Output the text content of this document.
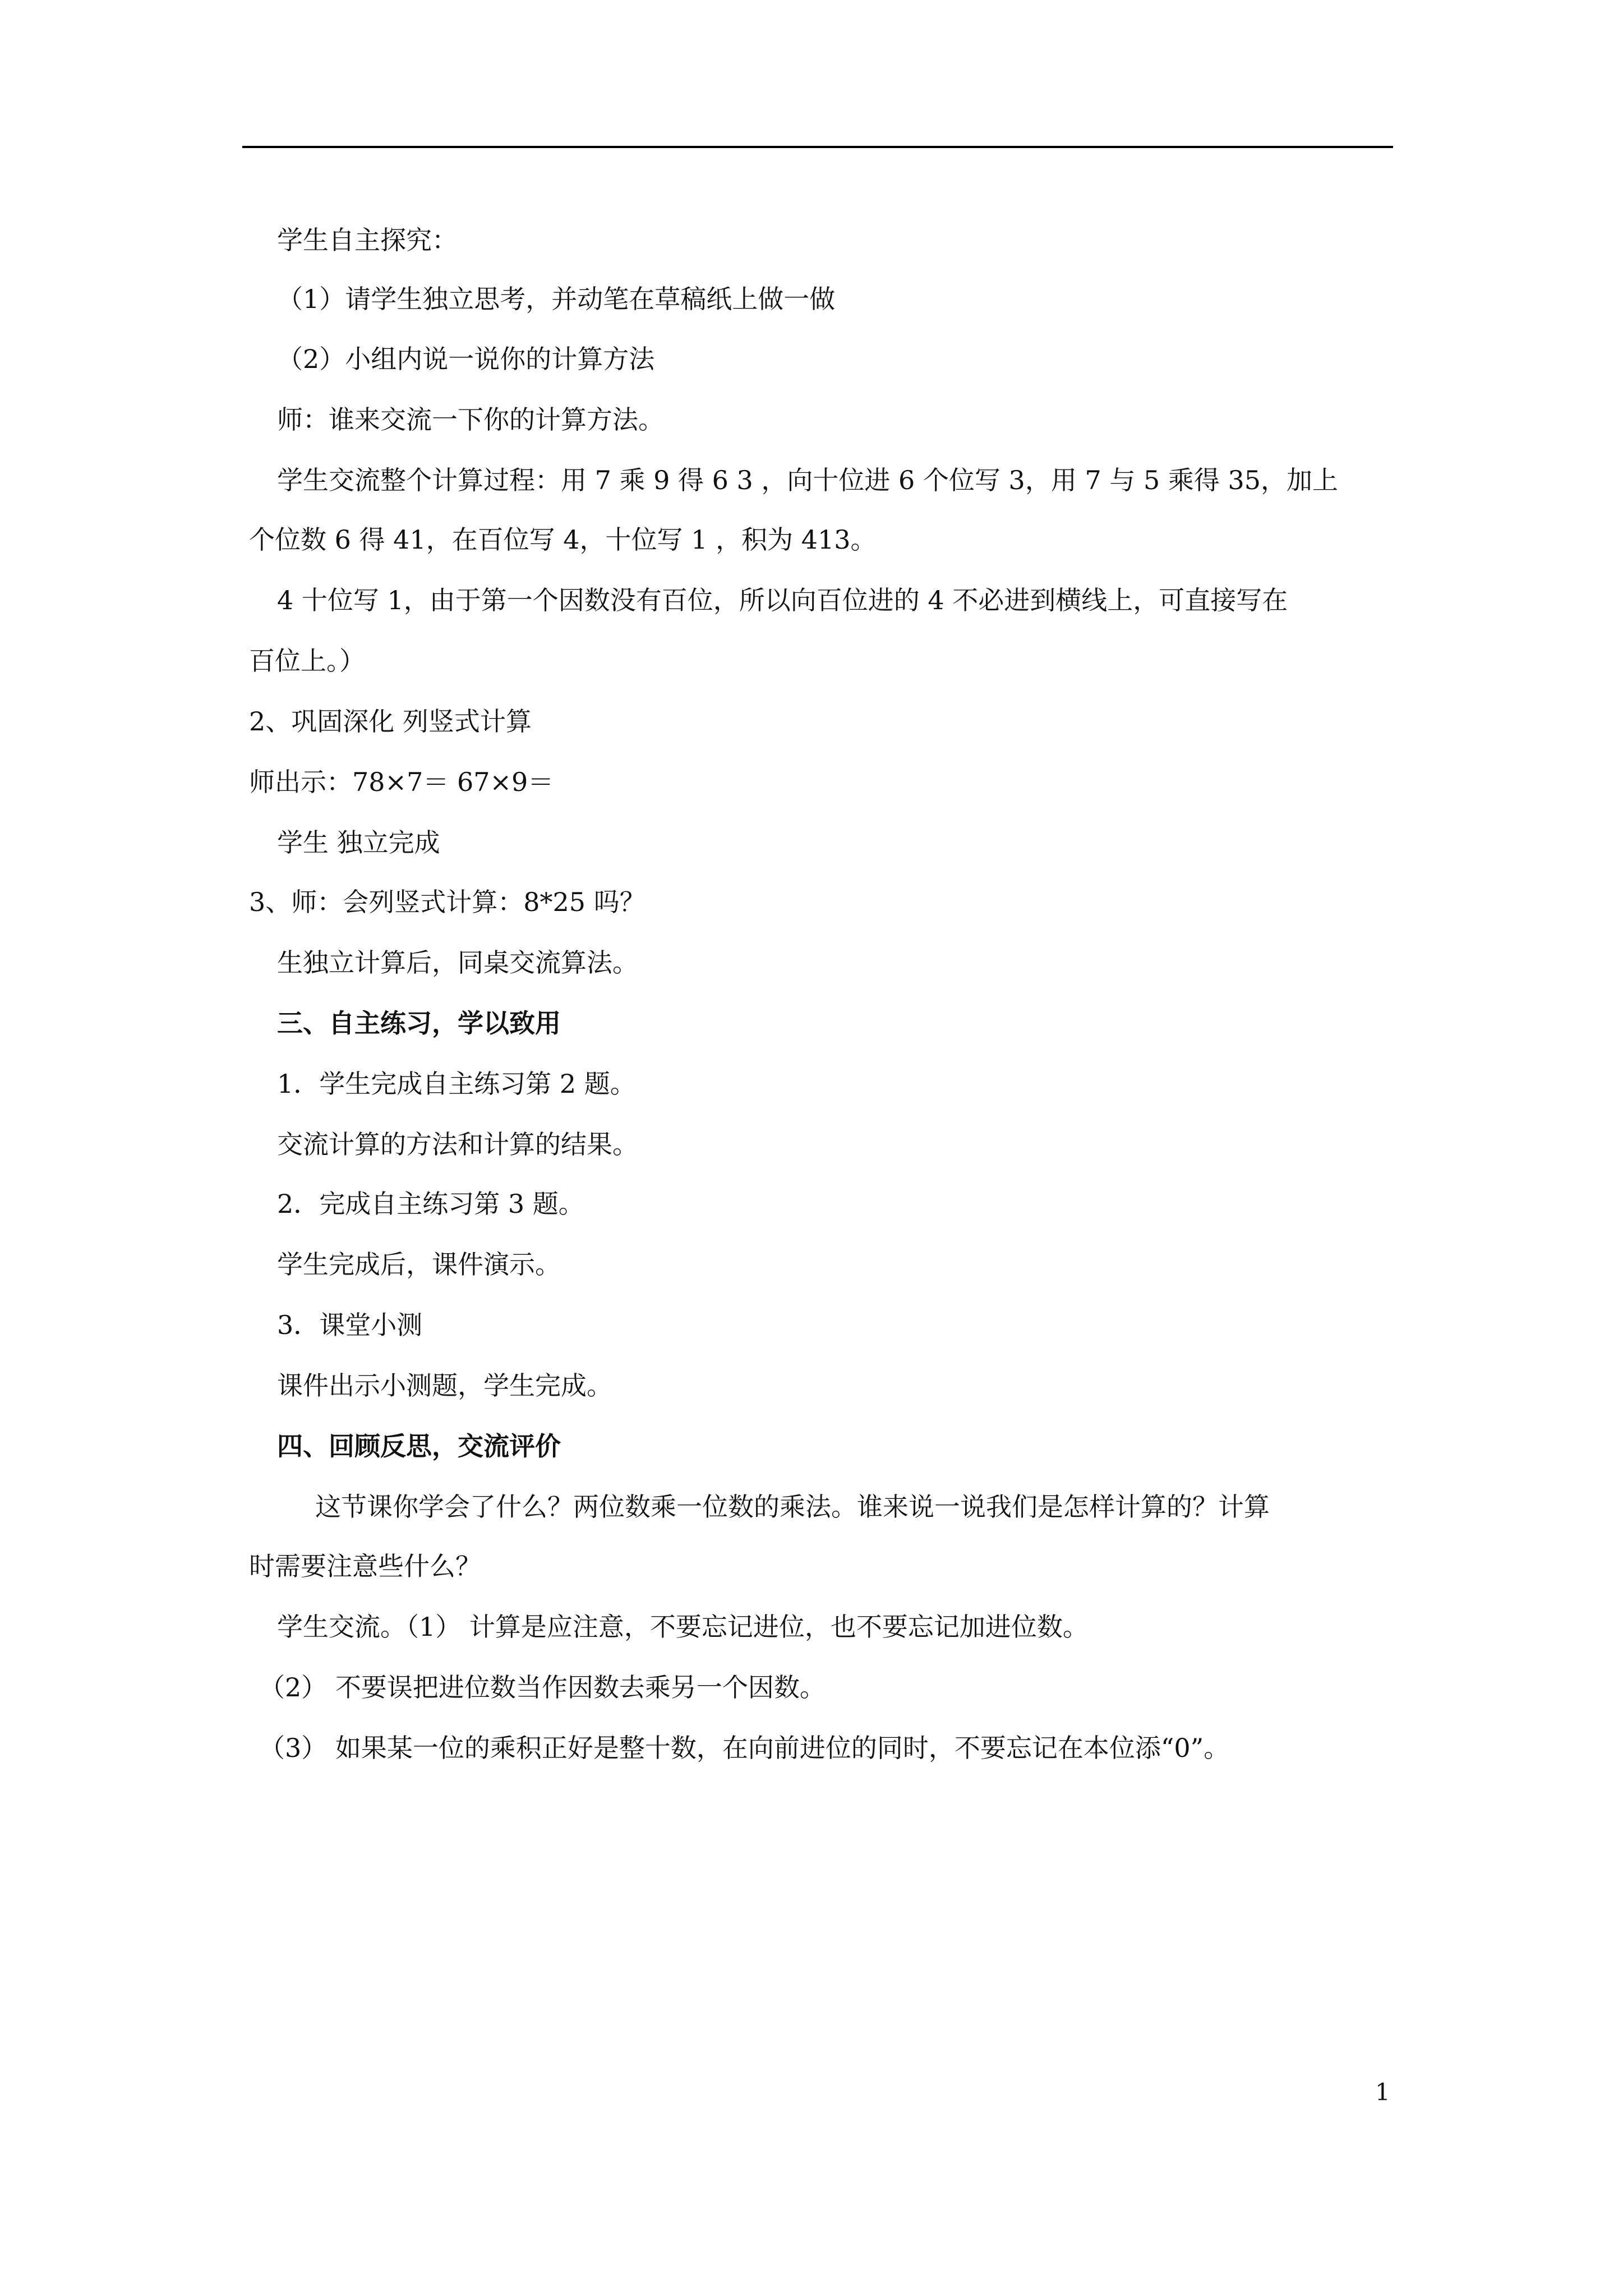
学生自主探究：
（1）请学生独立思考，并动笔在草稿纸上做一做
（2）小组内说一说你的计算方法
师：谁来交流一下你的计算方法。
学生交流整个计算过程：用 7 乘 9 得 6 3 ，向十位进 6 个位写 3，用 7 与 5 乘得 35，加上
个位数 6 得 41，在百位写 4，十位写 1 ，积为 413。
4 十位写 1，由于第一个因数没有百位，所以向百位进的 4 不必进到横线上，可直接写在
百位上。）
2、巩固深化 列竖式计算
师出示：78×7＝ 67×9＝
学生 独立完成
3、师：会列竖式计算：8*25 吗？
生独立计算后，同桌交流算法。
三、自主练习，学以致用
1．学生完成自主练习第 2 题。
交流计算的方法和计算的结果。
2．完成自主练习第 3 题。
学生完成后，课件演示。
3．课堂小测
课件出示小测题，学生完成。
四、回顾反思，交流评价
这节课你学会了什么？两位数乘一位数的乘法。谁来说一说我们是怎样计算的？计算
时需要注意些什么？
学生交流。（1） 计算是应注意，不要忘记进位，也不要忘记加进位数。
（2） 不要误把进位数当作因数去乘另一个因数。
（3） 如果某一位的乘积正好是整十数，在向前进位的同时，不要忘记在本位添“0”。
1
